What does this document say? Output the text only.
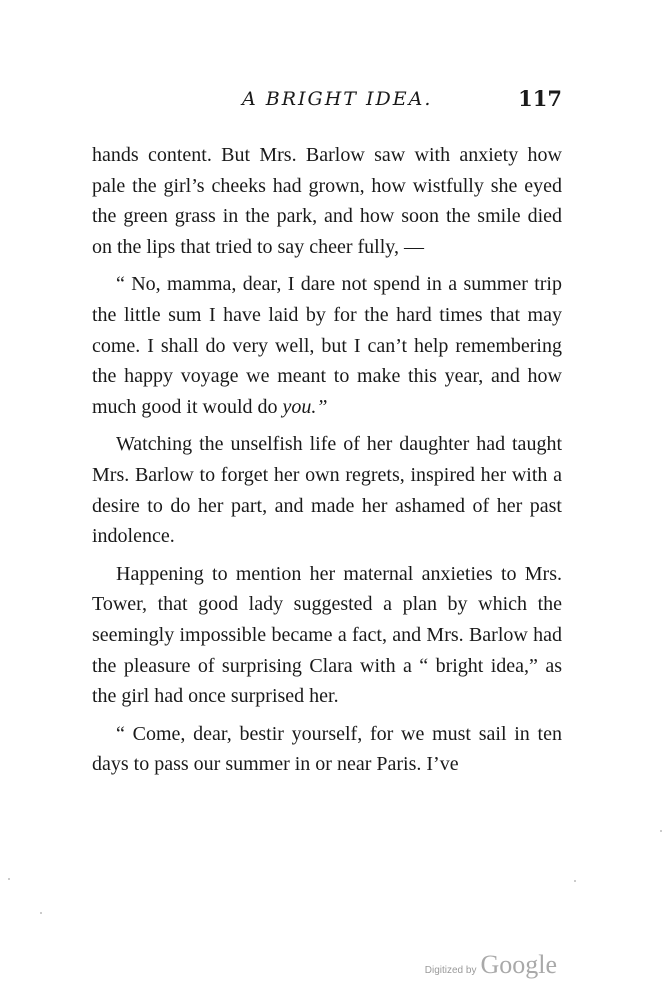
A BRIGHT IDEA.	117

hands content. But Mrs. Barlow saw with anxiety how pale the girl’s cheeks had grown, how wistfully she eyed the green grass in the park, and how soon the smile died on the lips that tried to say cheer fully, —

“ No, mamma, dear, I dare not spend in a summer trip the little sum I have laid by for the hard times that may come. I shall do very well, but I can’t help remembering the happy voyage we meant to make this year, and how much good it would do you.”

Watching the unselfish life of her daughter had taught Mrs. Barlow to forget her own regrets, inspired her with a desire to do her part, and made her ashamed of her past indolence.

Happening to mention her maternal anxieties to Mrs. Tower, that good lady suggested a plan by which the seemingly impossible became a fact, and Mrs. Barlow had the pleasure of surprising Clara with a “ bright idea,” as the girl had once surprised her.

“ Come, dear, bestir yourself, for we must sail in ten days to pass our summer in or near Paris. I’ve

Digitized by Google
